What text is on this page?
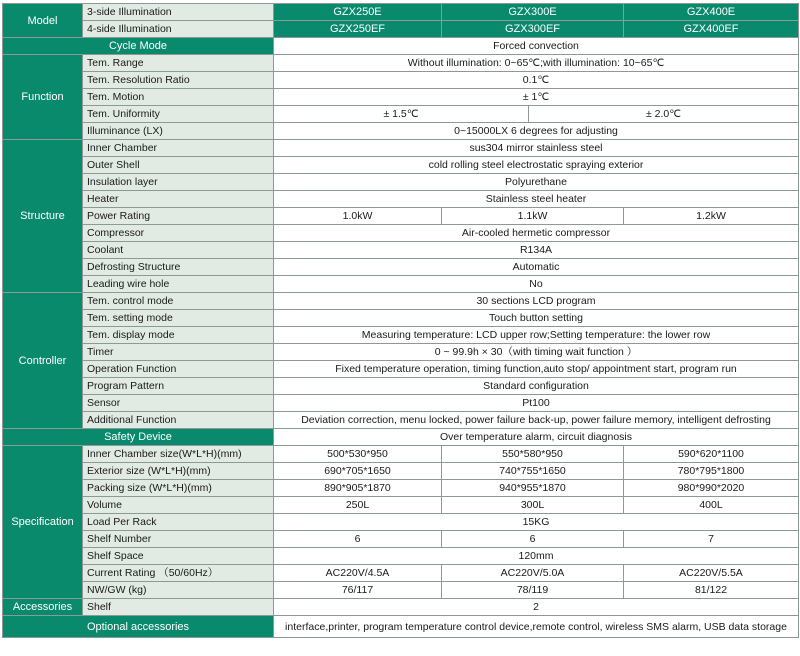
Model	3-side Illumination	GZX250E	GZX300E		GZX400E
	4-side Illumination	GZX250EF	GZX300EF		GZX400EF
Cycle Mode		Forced convection			
Function	Tem. Range	Without illumination: 0~65℃;with illumination: 10~65℃			
	Tem. Resolution Ratio	0.1℃			
	Tem. Motion	± 1℃			
	Tem. Uniformity	± 1.5℃		± 2.0℃	
	Illuminance (LX)	0~15000LX 6 degrees for adjusting			
Structure	Inner Chamber	sus304 mirror stainless steel			
	Outer Shell	cold rolling steel electrostatic spraying exterior			
	Insulation layer	Polyurethane			
	Heater	Stainless steel heater			
	Power Rating	1.0kW	1.1kW		1.2kW
	Compressor	Air-cooled hermetic compressor			
	Coolant	R134A			
	Defrosting Structure	Automatic			
	Leading wire hole	No			
Controller	Tem. control mode	30 sections LCD program			
	Tem. setting mode	Touch button setting			
	Tem. display mode	Measuring temperature: LCD upper row;Setting temperature: the lower row			
	Timer	0 ~ 99.9h × 30（with timing wait function ）			
	Operation Function	Fixed temperature operation, timing function,auto stop/ appointment start, program run			
	Program Pattern	Standard configuration			
	Sensor	Pt100			
	Additional Function	Deviation correction, menu locked, power failure back-up, power failure memory, intelligent defrosting			
Safety Device		Over temperature alarm, circuit diagnosis			
Specification	Inner Chamber size(W*L*H)(mm)	500*530*950	550*580*950		590*620*1100
	Exterior size (W*L*H)(mm)	690*705*1650	740*755*1650		780*795*1800
	Packing size (W*L*H)(mm)	890*905*1870	940*955*1870		980*990*2020
	Volume	250L	300L		400L
	Load Per Rack	15KG			
	Shelf Number	6	6		7
	Shelf Space	120mm			
	Current Rating （50/60Hz）	AC220V/4.5A	AC220V/5.0A		AC220V/5.5A
	NW/GW (kg)	76/117	78/119		81/122
Accessories	Shelf	2			
Optional accessories		interface,printer, program temperature control device,remote control, wireless SMS alarm, USB data storage			
